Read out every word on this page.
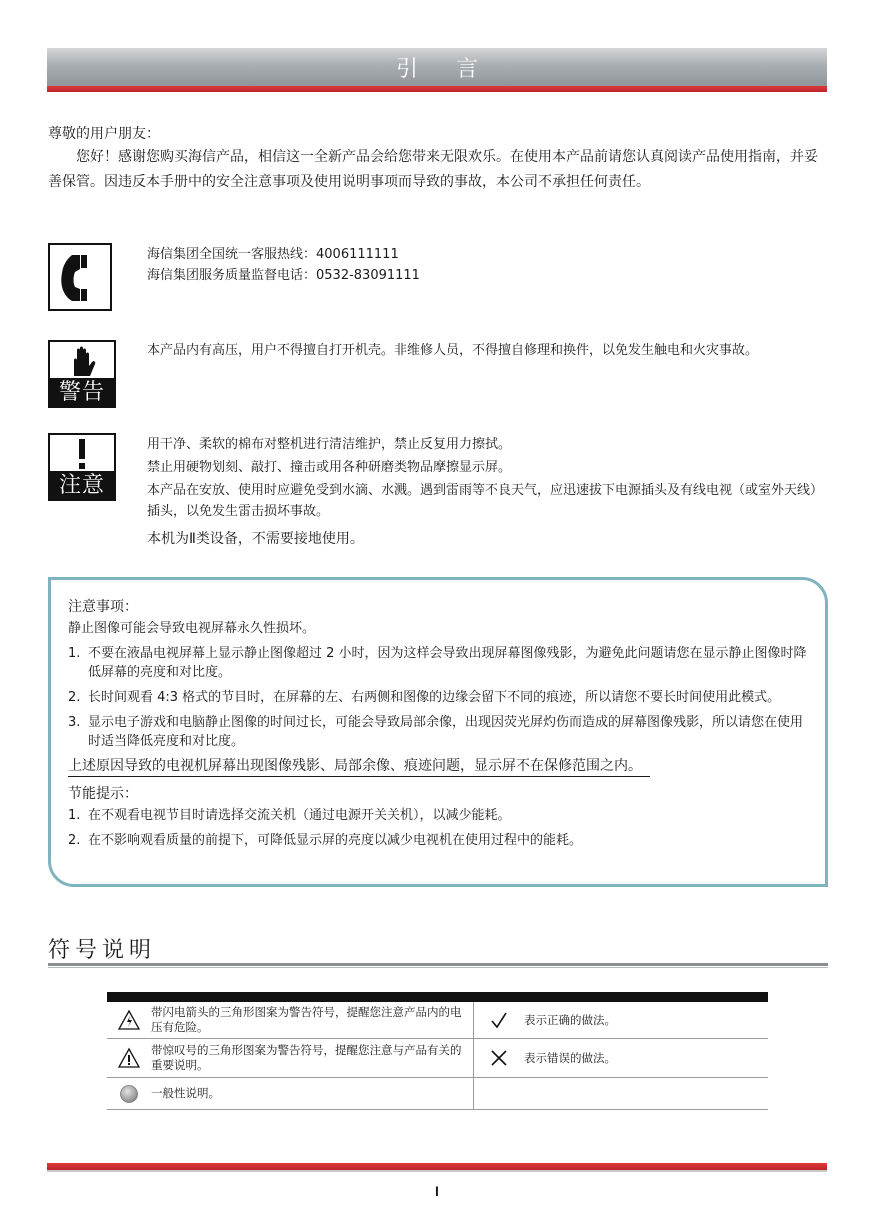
引言
尊敬的用户朋友：
您好！感谢您购买海信产品，相信这一全新产品会给您带来无限欢乐。在使用本产品前请您认真阅读产品使用指南，并妥善保管。因违反本手册中的安全注意事项及使用说明事项而导致的事故，本公司不承担任何责任。

海信集团全国统一客服热线：4006111111

海信集团服务质量监督电话：0532-83091111

警告
本产品内有高压，用户不得擅自打开机壳。非维修人员，不得擅自修理和换件，以免发生触电和火灾事故。
注意

用干净、柔软的棉布对整机进行清洁维护，禁止反复用力擦拭。

禁止用硬物划刻、敲打、撞击或用各种研磨类物品摩擦显示屏。

本产品在安放、使用时应避免受到水滴、水溅。遇到雷雨等不良天气，应迅速拔下电源插头及有线电视（或室外天线）插头，以免发生雷击损坏事故。

本机为Ⅱ类设备，不需要接地使用。

注意事项：

静止图像可能会导致电视屏幕永久性损坏。

1. 不要在液晶电视屏幕上显示静止图像超过 2 小时，因为这样会导致出现屏幕图像残影，为避免此问题请您在显示静止图像时降低屏幕的亮度和对比度。
2. 长时间观看 4:3 格式的节目时，在屏幕的左、右两侧和图像的边缘会留下不同的痕迹，所以请您不要长时间使用此模式。
3. 显示电子游戏和电脑静止图像的时间过长，可能会导致局部余像，出现因荧光屏灼伤而造成的屏幕图像残影，所以请您在使用时适当降低亮度和对比度。
上述原因导致的电视机屏幕出现图像残影、局部余像、痕迹问题，显示屏不在保修范围之内。

节能提示：

1. 在不观看电视节目时请选择交流关机（通过电源开关关机），以减少能耗。
2. 在不影响观看质量的前提下，可降低显示屏的亮度以减少电视机在使用过程中的能耗。
符号说明
带闪电箭头的三角形图案为警告符号，提醒您注意产品内的电压有危险。
表示正确的做法。
带惊叹号的三角形图案为警告符号，提醒您注意与产品有关的重要说明。
表示错误的做法。
一般性说明。
I
